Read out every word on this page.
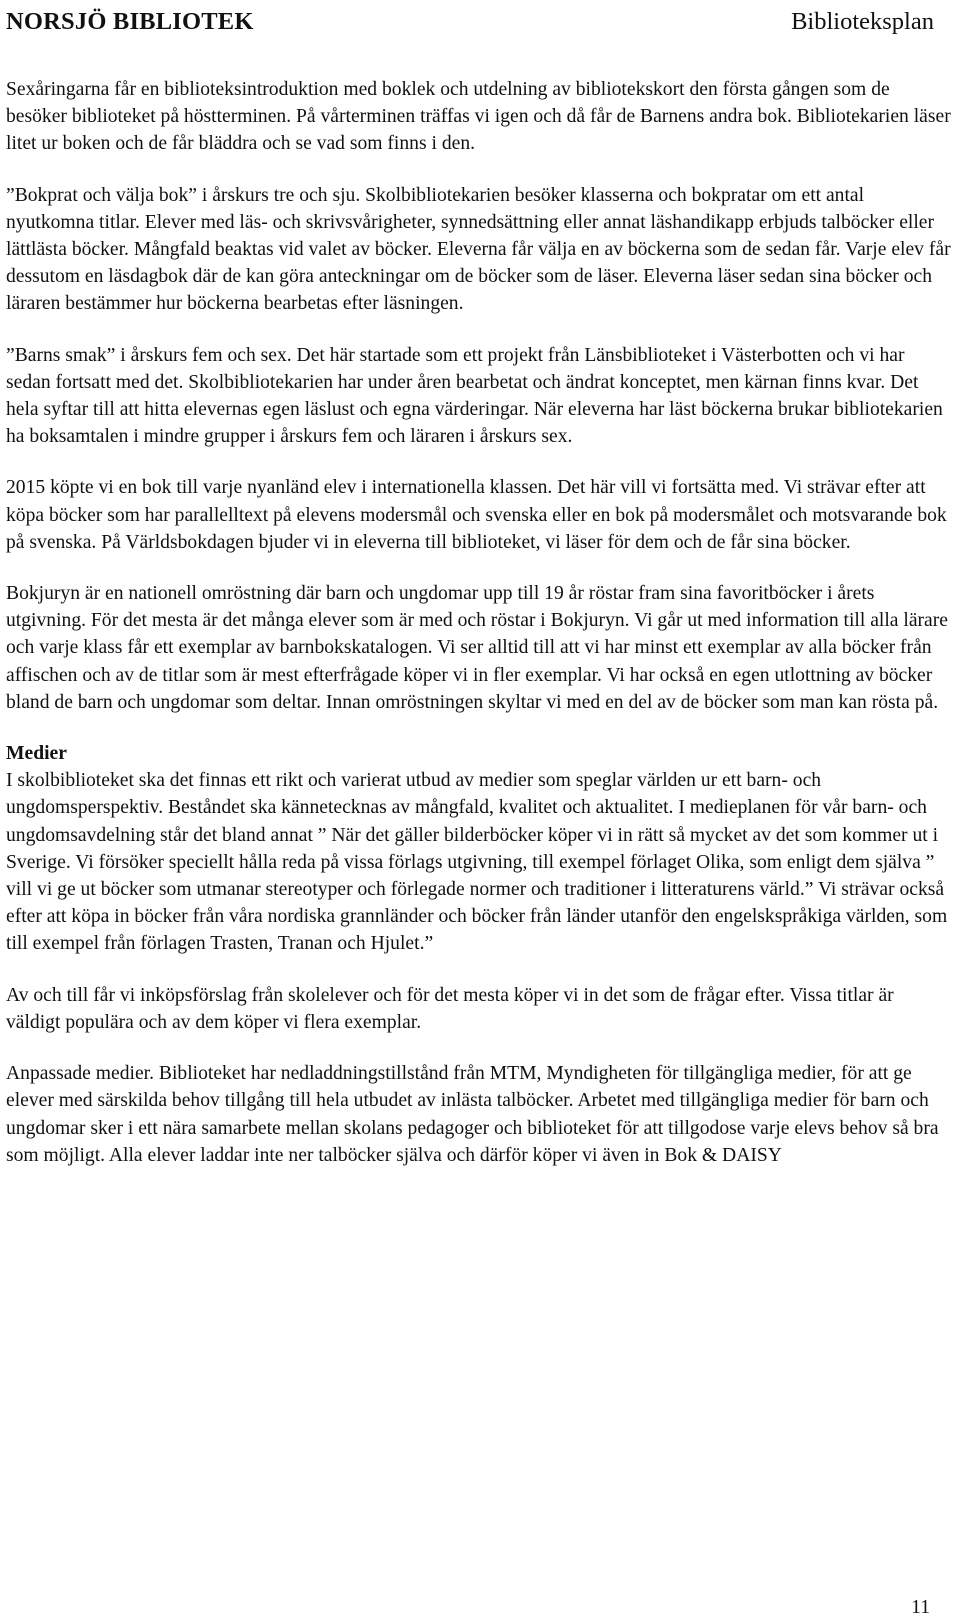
NORSJÖ BIBLIOTEK	Biblioteksplan

Sexåringarna får en biblioteksintroduktion med boklek och utdelning av bibliotekskort den första gången som de besöker biblioteket på höstterminen. På vårterminen träffas vi igen och då får de Barnens andra bok. Bibliotekarien läser litet ur boken och de får bläddra och se vad som finns i den.

”Bokprat och välja bok” i årskurs tre och sju. Skolbibliotekarien besöker klasserna och bokpratar om ett antal nyutkomna titlar. Elever med läs- och skrivsvårigheter, synnedsättning eller annat läshandikapp erbjuds talböcker eller lättlästa böcker. Mångfald beaktas vid valet av böcker. Eleverna får välja en av böckerna som de sedan får. Varje elev får dessutom en läsdagbok där de kan göra anteckningar om de böcker som de läser. Eleverna läser sedan sina böcker och läraren bestämmer hur böckerna bearbetas efter läsningen.

”Barns smak” i årskurs fem och sex. Det här startade som ett projekt från Länsbiblioteket i Västerbotten och vi har sedan fortsatt med det. Skolbibliotekarien har under åren bearbetat och ändrat konceptet, men kärnan finns kvar. Det hela syftar till att hitta elevernas egen läslust och egna värderingar. När eleverna har läst böckerna brukar bibliotekarien ha boksamtalen i mindre grupper i årskurs fem och läraren i årskurs sex.

2015 köpte vi en bok till varje nyanländ elev i internationella klassen. Det här vill vi fortsätta med. Vi strävar efter att köpa böcker som har parallelltext på elevens modersmål och svenska eller en bok på modersmålet och motsvarande bok på svenska. På Världsbokdagen bjuder vi in eleverna till biblioteket, vi läser för dem och de får sina böcker.

Bokjuryn är en nationell omröstning där barn och ungdomar upp till 19 år röstar fram sina favoritböcker i årets utgivning. För det mesta är det många elever som är med och röstar i Bokjuryn. Vi går ut med information till alla lärare och varje klass får ett exemplar av barnbokskatalogen. Vi ser alltid till att vi har minst ett exemplar av alla böcker från affischen och av de titlar som är mest efterfrågade köper vi in fler exemplar. Vi har också en egen utlottning av böcker bland de barn och ungdomar som deltar. Innan omröstningen skyltar vi med en del av de böcker som man kan rösta på.

Medier

I skolbiblioteket ska det finnas ett rikt och varierat utbud av medier som speglar världen ur ett barn- och ungdomsperspektiv. Beståndet ska kännetecknas av mångfald, kvalitet och aktualitet. I medieplanen för vår barn- och ungdomsavdelning står det bland annat ” När det gäller bilderböcker köper vi in rätt så mycket av det som kommer ut i Sverige. Vi försöker speciellt hålla reda på vissa förlags utgivning, till exempel förlaget Olika, som enligt dem själva ” vill vi ge ut böcker som utmanar stereotyper och förlegade normer och traditioner i litteraturens värld.” Vi strävar också efter att köpa in böcker från våra nordiska grannländer och böcker från länder utanför den engelskspråkiga världen, som till exempel från förlagen Trasten, Tranan och Hjulet.”

Av och till får vi inköpsförslag från skolelever och för det mesta köper vi in det som de frågar efter. Vissa titlar är väldigt populära och av dem köper vi flera exemplar.

Anpassade medier. Biblioteket har nedladdningstillstånd från MTM, Myndigheten för tillgängliga medier, för att ge elever med särskilda behov tillgång till hela utbudet av inlästa talböcker. Arbetet med tillgängliga medier för barn och ungdomar sker i ett nära samarbete mellan skolans pedagoger och biblioteket för att tillgodose varje elevs behov så bra som möjligt. Alla elever laddar inte ner talböcker själva och därför köper vi även in Bok & DAISY

11
